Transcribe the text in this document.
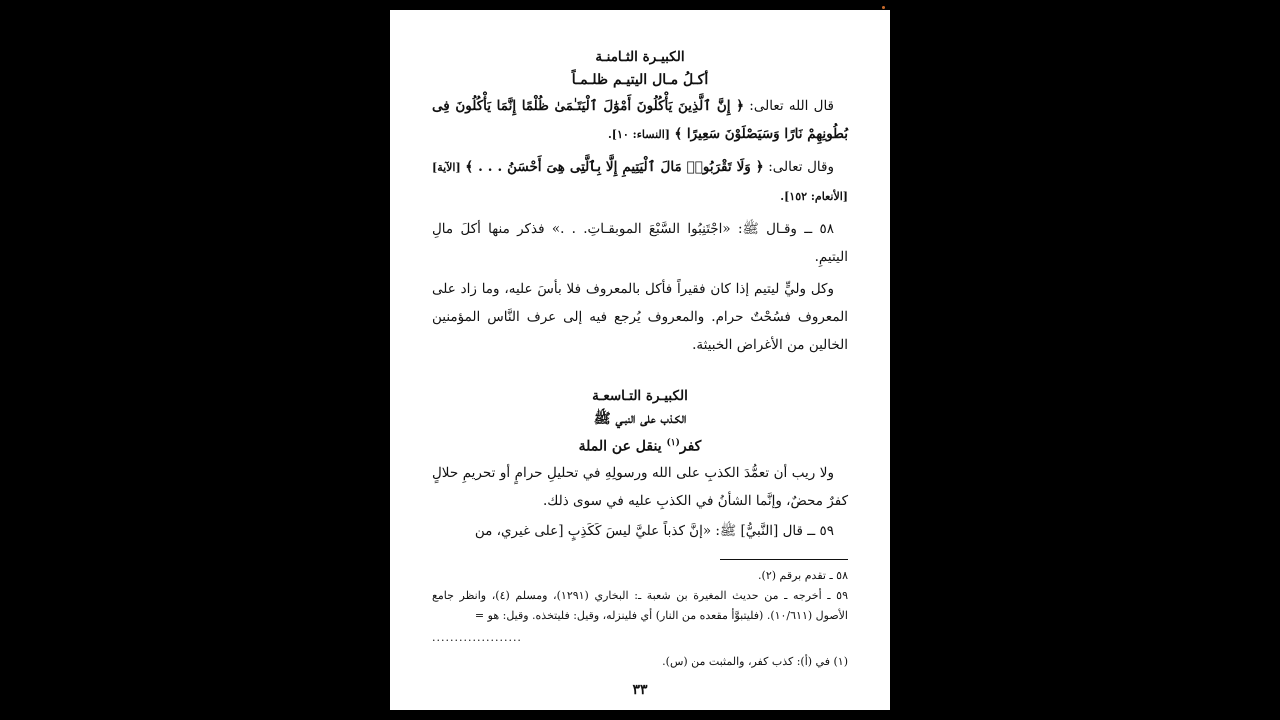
الكبيـرة الثـامنـة
أكـلُ مـال اليتيـم ظلـمـاً

قال الله تعالى: ﴿ إِنَّ ٱلَّذِينَ يَأْكُلُونَ أَمْوَٰلَ ٱلْيَتَـٰمَىٰ ظُلْمًا إِنَّمَا يَأْكُلُونَ فِى بُطُونِهِمْ نَارًا وَسَيَصْلَوْنَ سَعِيرًا ﴾ [النساء: ١٠].

وقال تعالى: ﴿ وَلَا تَقْرَبُوا۟ مَالَ ٱلْيَتِيمِ إِلَّا بِٱلَّتِى هِىَ أَحْسَنُ . . . ﴾ [الآية] [الأنعام: ١٥٢].

٥٨ ــ وقـال ﷺ: «اجْتَنِبُوا السَّبْعَ الموبقـاتِ. . .» فذكر منها أكلَ مالِ اليتيمِ.

وكل وليٍّ ليتيم إذا كان فقيراً فأكل بالمعروف فلا بأسَ عليه، وما زاد على المعروف فسُحْتٌ حرام. والمعروف يُرجع فيه إلى عرف النَّاس المؤمنين الخالين من الأغراض الخبيثة.

الكبيـرة التـاسعـة
الكـذب على النبـي ﷺ
كفر$^{(١)}$ ينقل عن الملة

ولا ريب أن تعمُّدَ الكذبِ على الله ورسولِهِ في تحليلِ حرامٍ أو تحريمِ حلالٍ كفرٌ محضٌ، وإنَّما الشأنُ في الكذبِ عليه في سوى ذلك.

٥٩ ــ قال [النَّبيُّ] ﷺ: «إنَّ كذباً عليَّ ليسَ كَكَذِبٍ [على غيري، من

٥٨ ـ تقدم برقم (٢).

٥٩ ـ أخرجه ـ من حديث المغيرة بن شعبة ـ: البخاري (١٢٩١)، ومسلم (٤)، وانظر جامع الأصول (١٠/٦١١). (فليتبوَّأ مقعده من النار) أي فلينزله، وقيل: فليتخذه. وقيل: هو =

....................

(١) في (أ): كذب كفر، والمثبت من (س).

٣٣
